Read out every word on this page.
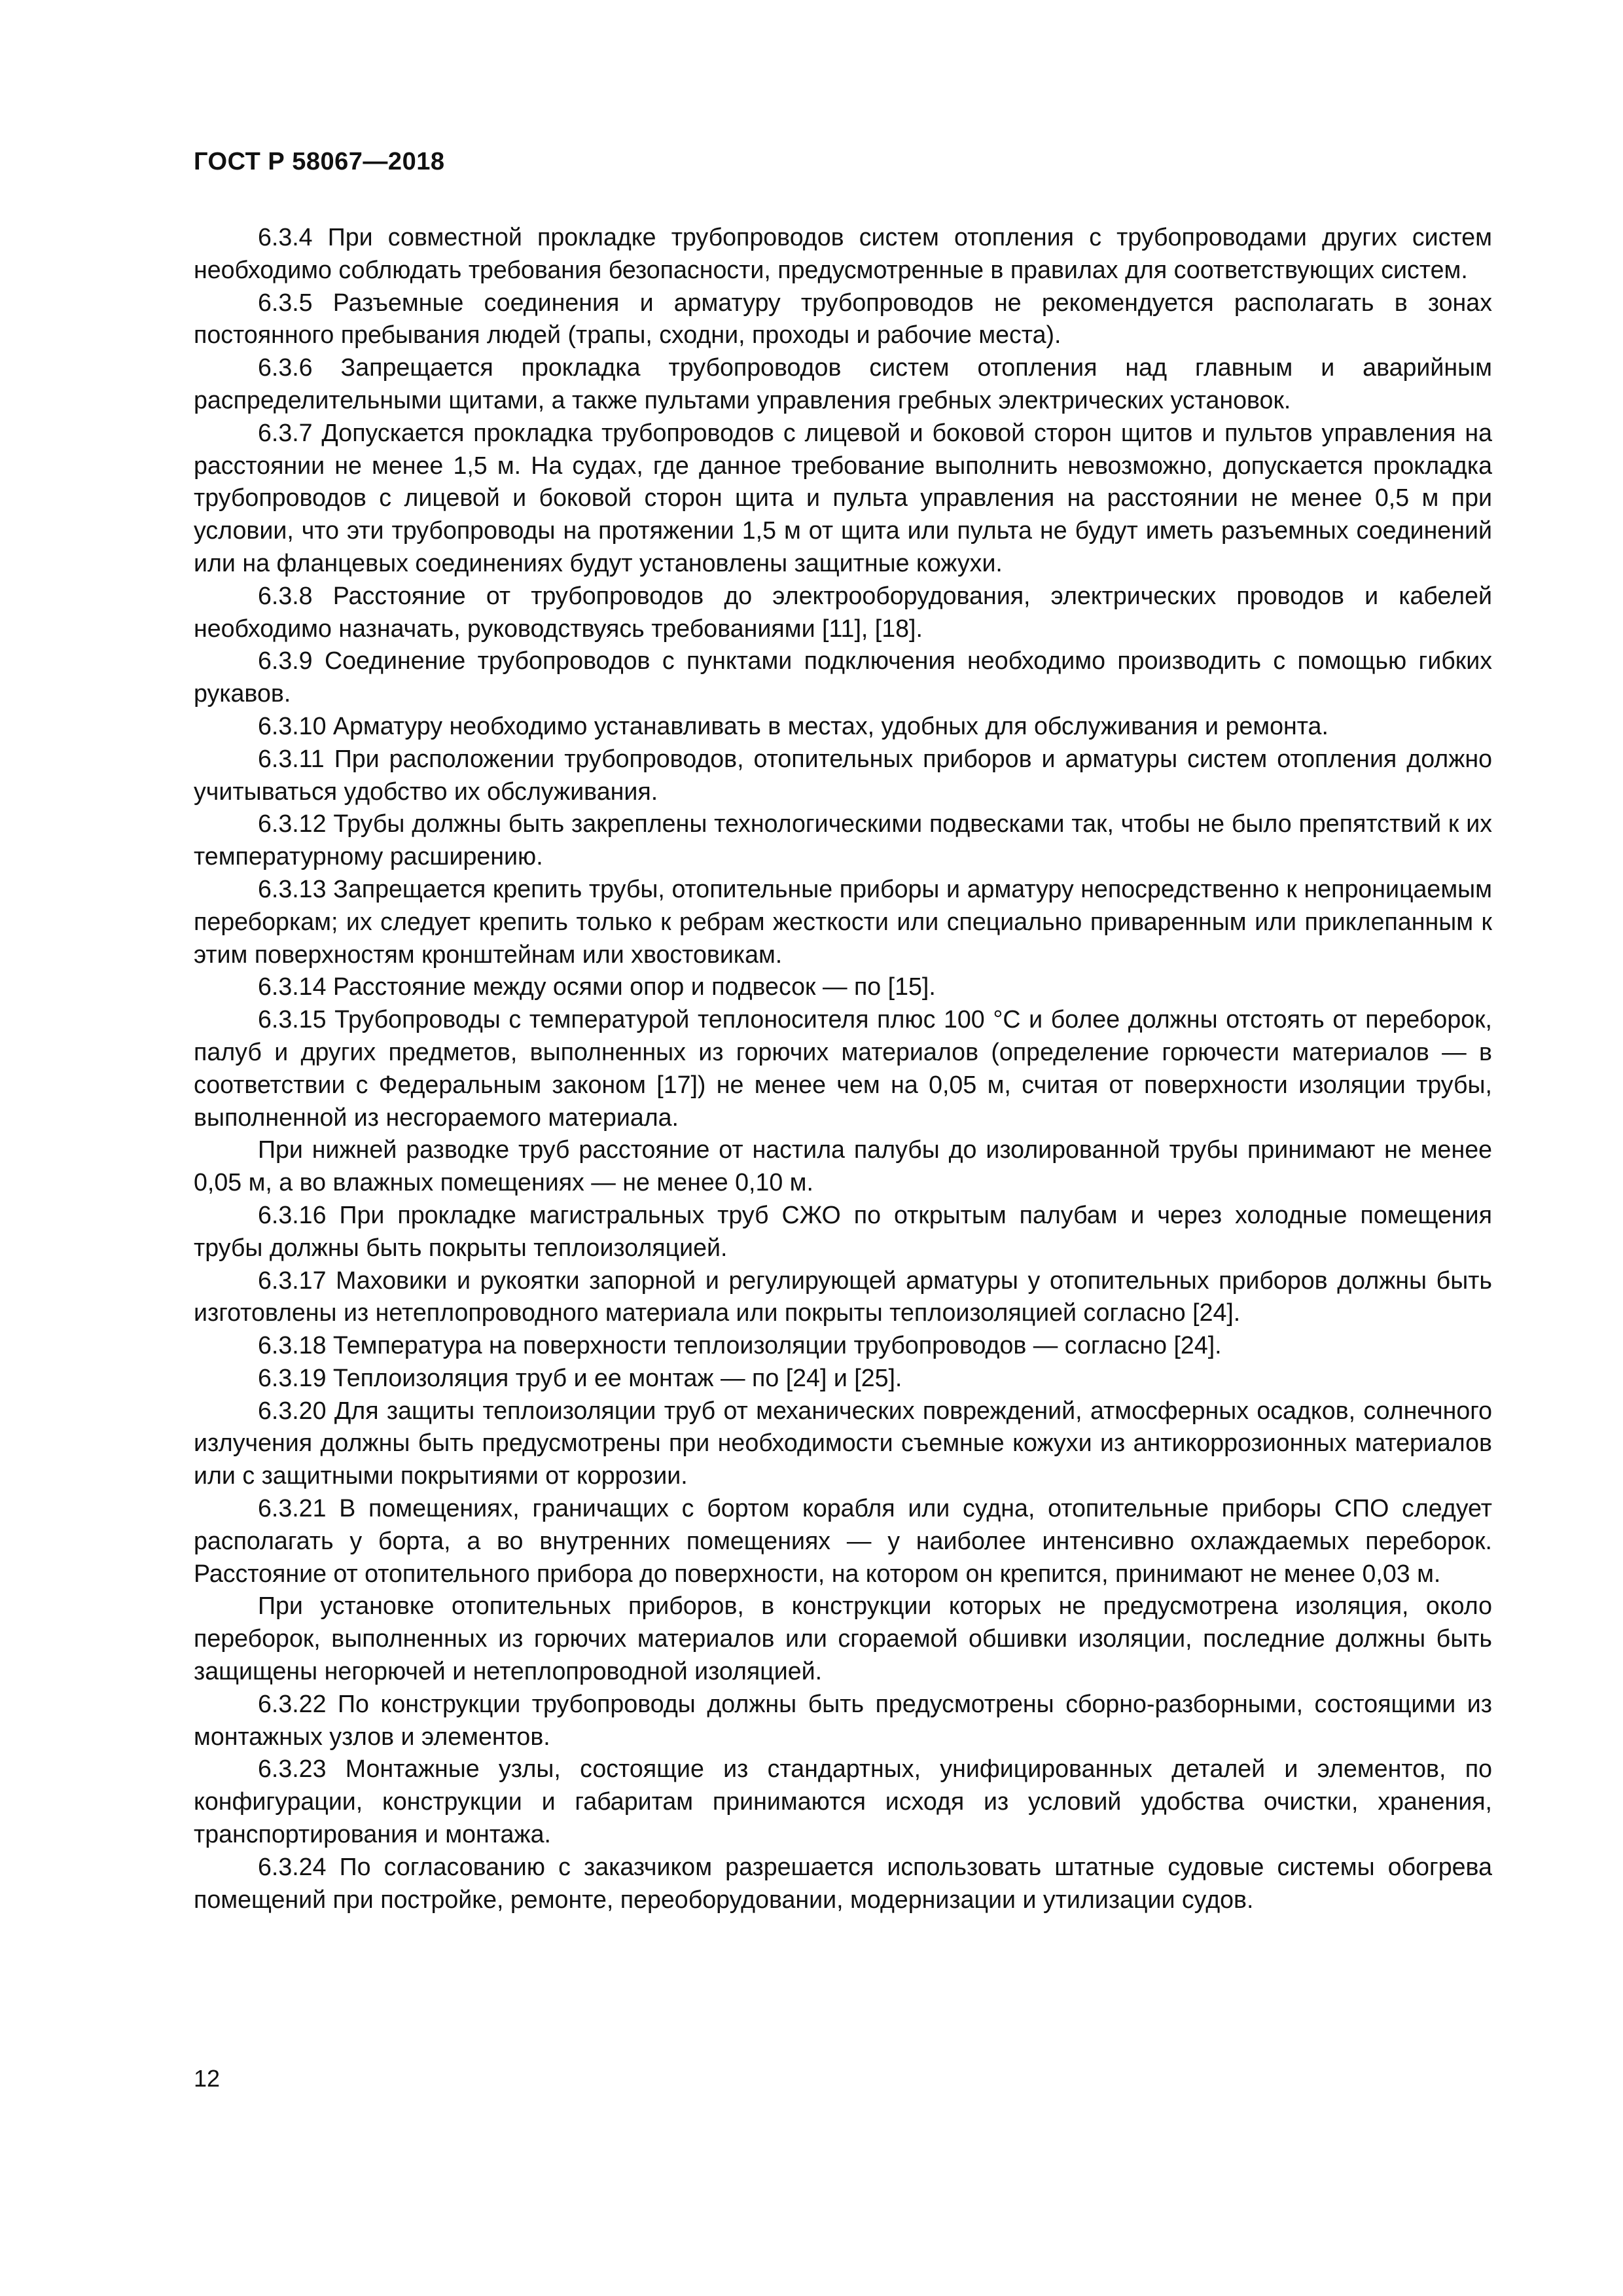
ГОСТ Р 58067—2018

6.3.4 При совместной прокладке трубопроводов систем отопления с трубопроводами других систем необходимо соблюдать требования безопасности, предусмотренные в правилах для соответствующих систем.

6.3.5 Разъемные соединения и арматуру трубопроводов не рекомендуется располагать в зонах постоянного пребывания людей (трапы, сходни, проходы и рабочие места).

6.3.6 Запрещается прокладка трубопроводов систем отопления над главным и аварийным распределительными щитами, а также пультами управления гребных электрических установок.

6.3.7 Допускается прокладка трубопроводов с лицевой и боковой сторон щитов и пультов управления на расстоянии не менее 1,5 м. На судах, где данное требование выполнить невозможно, допускается прокладка трубопроводов с лицевой и боковой сторон щита и пульта управления на расстоянии не менее 0,5 м при условии, что эти трубопроводы на протяжении 1,5 м от щита или пульта не будут иметь разъемных соединений или на фланцевых соединениях будут установлены защитные кожухи.

6.3.8 Расстояние от трубопроводов до электрооборудования, электрических проводов и кабелей необходимо назначать, руководствуясь требованиями [11], [18].

6.3.9 Соединение трубопроводов с пунктами подключения необходимо производить с помощью гибких рукавов.

6.3.10 Арматуру необходимо устанавливать в местах, удобных для обслуживания и ремонта.

6.3.11 При расположении трубопроводов, отопительных приборов и арматуры систем отопления должно учитываться удобство их обслуживания.

6.3.12 Трубы должны быть закреплены технологическими подвесками так, чтобы не было препятствий к их температурному расширению.

6.3.13 Запрещается крепить трубы, отопительные приборы и арматуру непосредственно к непроницаемым переборкам; их следует крепить только к ребрам жесткости или специально приваренным или приклепанным к этим поверхностям кронштейнам или хвостовикам.

6.3.14 Расстояние между осями опор и подвесок — по [15].

6.3.15 Трубопроводы с температурой теплоносителя плюс 100 °С и более должны отстоять от переборок, палуб и других предметов, выполненных из горючих материалов (определение горючести материалов — в соответствии с Федеральным законом [17]) не менее чем на 0,05 м, считая от поверхности изоляции трубы, выполненной из несгораемого материала.

При нижней разводке труб расстояние от настила палубы до изолированной трубы принимают не менее 0,05 м, а во влажных помещениях — не менее 0,10 м.

6.3.16 При прокладке магистральных труб СЖО по открытым палубам и через холодные помещения трубы должны быть покрыты теплоизоляцией.

6.3.17 Маховики и рукоятки запорной и регулирующей арматуры у отопительных приборов должны быть изготовлены из нетеплопроводного материала или покрыты теплоизоляцией согласно [24].

6.3.18 Температура на поверхности теплоизоляции трубопроводов — согласно [24].

6.3.19 Теплоизоляция труб и ее монтаж — по [24] и [25].

6.3.20 Для защиты теплоизоляции труб от механических повреждений, атмосферных осадков, солнечного излучения должны быть предусмотрены при необходимости съемные кожухи из антикоррозионных материалов или с защитными покрытиями от коррозии.

6.3.21 В помещениях, граничащих с бортом корабля или судна, отопительные приборы СПО следует располагать у борта, а во внутренних помещениях — у наиболее интенсивно охлаждаемых переборок. Расстояние от отопительного прибора до поверхности, на котором он крепится, принимают не менее 0,03 м.

При установке отопительных приборов, в конструкции которых не предусмотрена изоляция, около переборок, выполненных из горючих материалов или сгораемой обшивки изоляции, последние должны быть защищены негорючей и нетеплопроводной изоляцией.

6.3.22 По конструкции трубопроводы должны быть предусмотрены сборно-разборными, состоящими из монтажных узлов и элементов.

6.3.23 Монтажные узлы, состоящие из стандартных, унифицированных деталей и элементов, по конфигурации, конструкции и габаритам принимаются исходя из условий удобства очистки, хранения, транспортирования и монтажа.

6.3.24 По согласованию с заказчиком разрешается использовать штатные судовые системы обогрева помещений при постройке, ремонте, переоборудовании, модернизации и утилизации судов.

12
